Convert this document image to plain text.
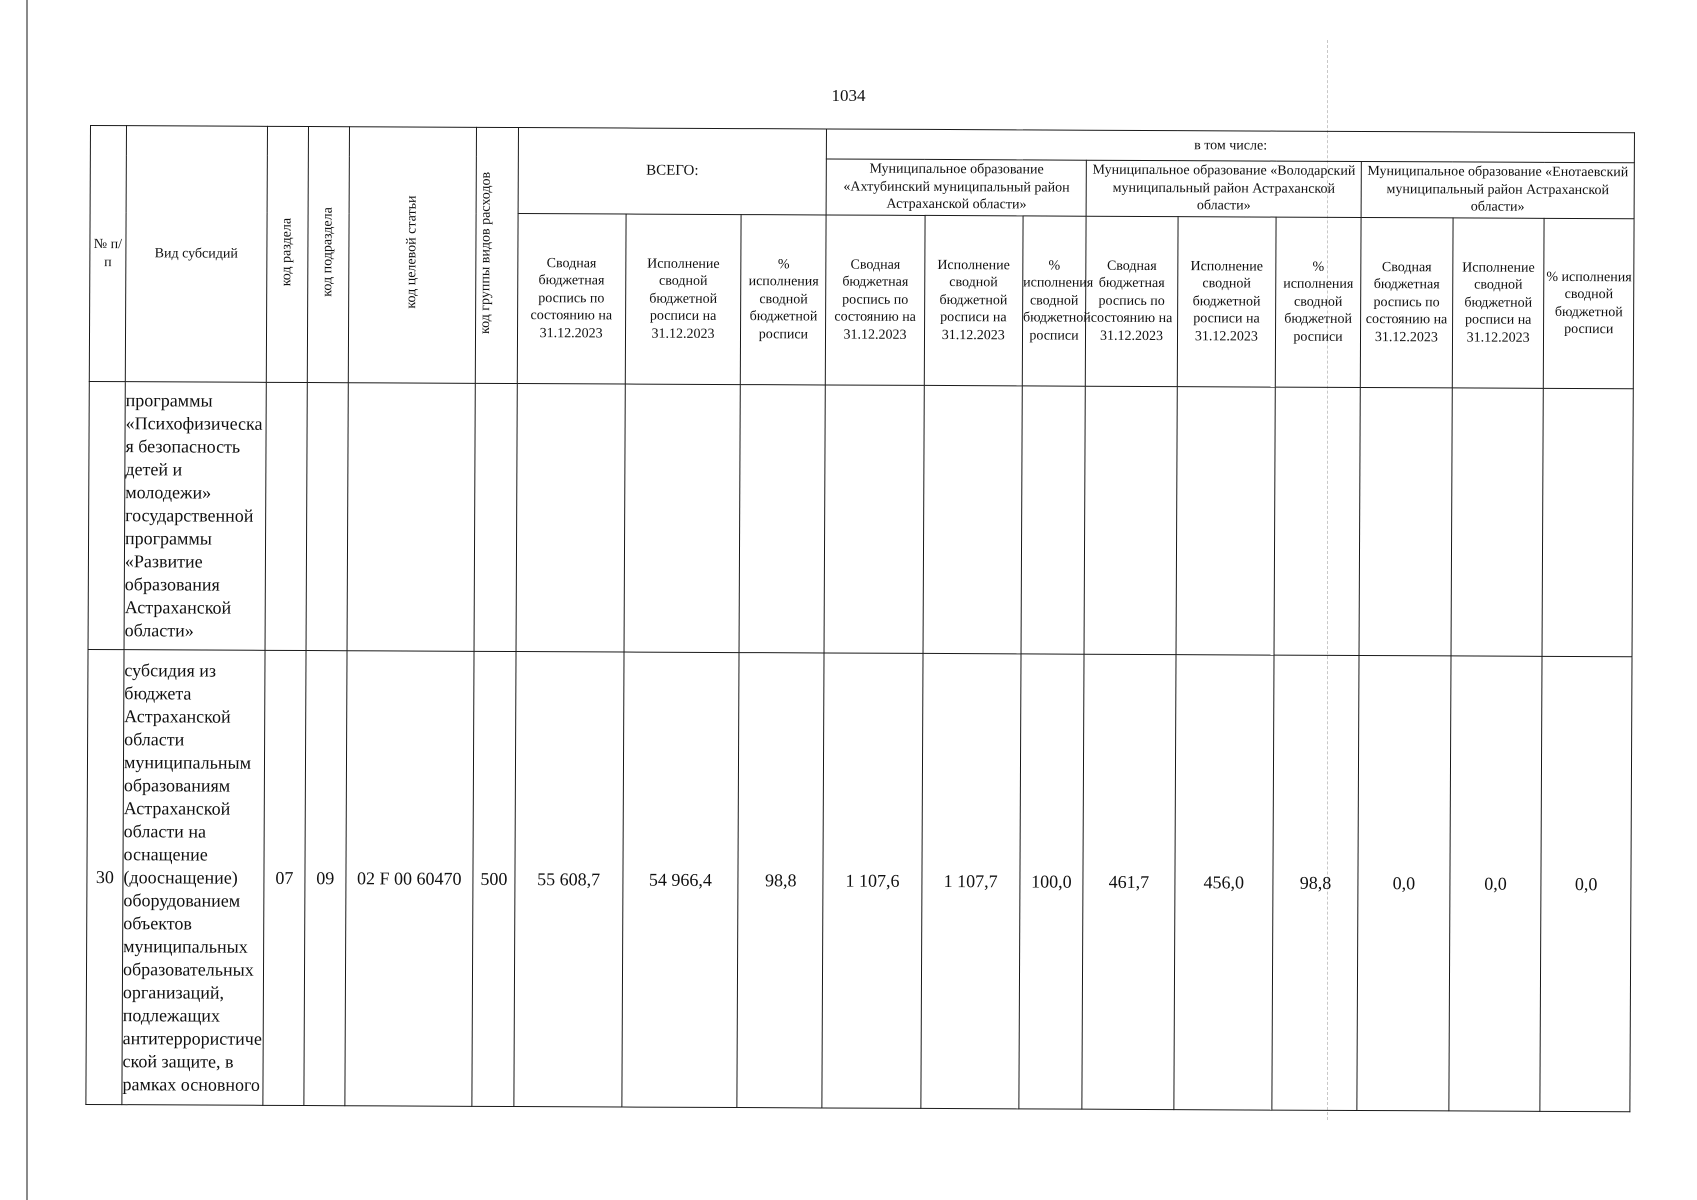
1034
№ п/п	Вид субсидий	код раздела	код подраздела	код целевой статьи	код группы видов расходов	ВСЕГО:			в том числе:								
									Муниципальное образование «Ахтубинский муниципальный район Астраханской области»			Муниципальное образование «Володарский муниципальный район Астраханской области»			Муниципальное образование «Енотаевский муниципальный район Астраханской области»		
						Сводная бюджетная роспись по состоянию на 31.12.2023	Исполнение сводной бюджетной росписи на 31.12.2023	% исполнения сводной бюджетной росписи	Сводная бюджетная роспись по состоянию на 31.12.2023	Исполнение сводной бюджетной росписи на 31.12.2023	% исполнения сводной бюджетной росписи	Сводная бюджетная роспись по состоянию на 31.12.2023	Исполнение сводной бюджетной росписи на 31.12.2023	% исполнения сводной бюджетной росписи	Сводная бюджетная роспись по состоянию на 31.12.2023	Исполнение сводной бюджетной росписи на 31.12.2023	% исполнения сводной бюджетной росписи
	программы «Психофизическая безопасность детей и молодежи» государственной программы «Развитие образования Астраханской области»																
30	субсидия из бюджета Астраханской области муниципальным образованиям Астраханской области на оснащение (дооснащение) оборудованием объектов муниципальных образовательных организаций, подлежащих антитеррористической защите, в рамках основного	07	09	02 F 00 60470	500	55 608,7	54 966,4	98,8	1 107,6	1 107,7	100,0	461,7	456,0	98,8	0,0	0,0	0,0
